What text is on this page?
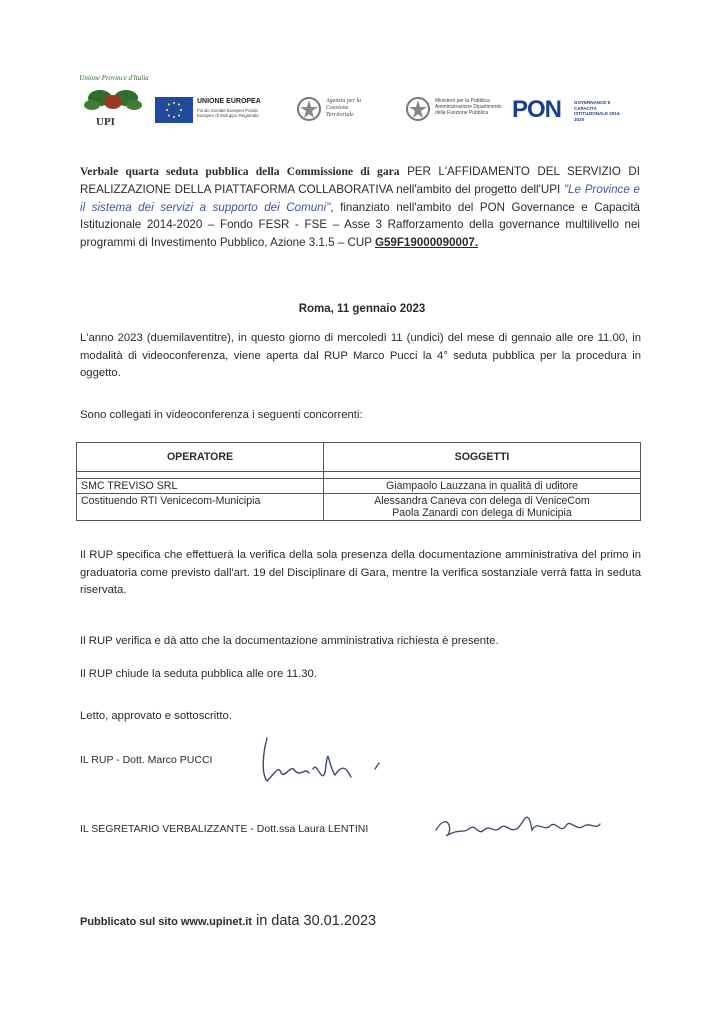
Unione Province d'Italia
UPI
UNIONE EUROPEA
Fondo Sociale Europeo Fondo Europeo di Sviluppo Regionale
Agenzia per la Coesione Territoriale
Ministero per la Pubblica Amministrazione Dipartimento della Funzione Pubblica PON	GOVERNANCE E CAPACITÀ ISTITUZIONALE 2014-2020
Verbale quarta seduta pubblica della Commissione di gara PER L'AFFIDAMENTO DEL SERVIZIO DI REALIZZAZIONE DELLA PIATTAFORMA COLLABORATIVA nell'ambito del progetto dell'UPI "Le Province e il sistema dei servizi a supporto dei Comuni", finanziato nell'ambito del PON Governance e Capacità Istituzionale 2014-2020 – Fondo FESR - FSE – Asse 3 Rafforzamento della governance multilivello nei programmi di Investimento Pubblico, Azione 3.1.5 – CUP G59F19000090007.
Roma, 11 gennaio 2023
L'anno 2023 (duemilaventitre), in questo giorno di mercoledì 11 (undici) del mese di gennaio alle ore 11.00, in modalità di videoconferenza, viene aperta dal RUP Marco Pucci la 4° seduta pubblica per la procedura in oggetto.
Sono collegati in videoconferenza i seguenti concorrenti:
OPERATORE	SOGGETTI

SMC TREVISO SRL	Giampaolo Lauzzana in qualità di uditore
Costituendo RTI Venicecom-Municipia	Alessandra Caneva con delega di VeniceCom
Paola Zanardi con delega di Municipia
Il RUP specifica che effettuerà la verifica della sola presenza della documentazione amministrativa del primo in graduatoria come previsto dall'art. 19 del Disciplinare di Gara, mentre la verifica sostanziale verrà fatta in seduta riservata.
Il RUP verifica e dà atto che la documentazione amministrativa richiesta è presente.
Il RUP chiude la seduta pubblica alle ore 11.30.
Letto, approvato e sottoscritto.
IL RUP - Dott. Marco PUCCI
IL SEGRETARIO VERBALIZZANTE - Dott.ssa Laura LENTINI
Pubblicato sul sito www.upinet.it in data 30.01.2023
